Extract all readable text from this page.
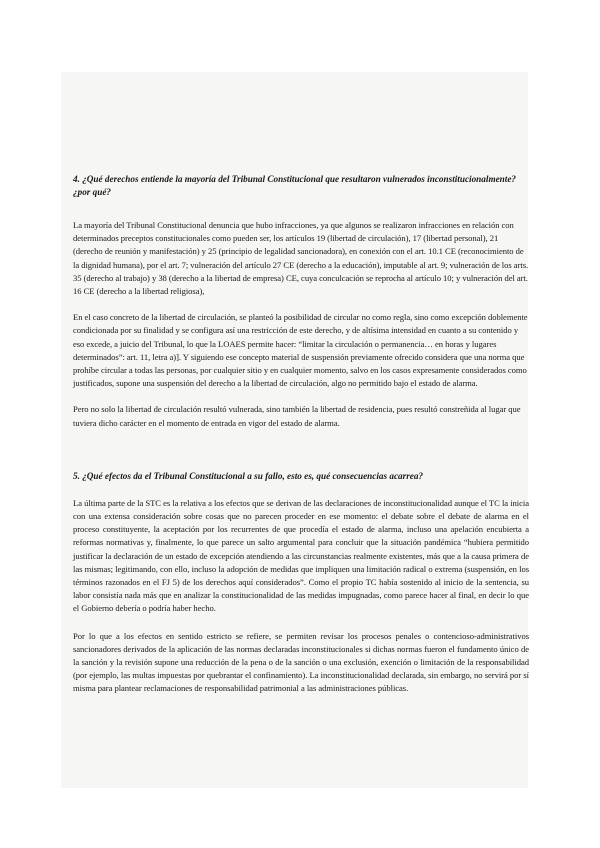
4. ¿Qué derechos entiende la mayoría del Tribunal Constitucional que resultaron vulnerados inconstitucionalmente? ¿por qué?

La mayoría del Tribunal Constitucional denuncia que hubo infracciones, ya que algunos se realizaron infracciones en relación con determinados preceptos constitucionales como pueden ser, los artículos 19 (libertad de circulación), 17 (libertad personal), 21 (derecho de reunión y manifestación) y 25 (principio de legalidad sancionadora), en conexión con el art. 10.1 CE (reconocimiento de la dignidad humana), por el art. 7; vulneración del artículo 27 CE (derecho a la educación), imputable al art. 9; vulneración de los arts. 35 (derecho al trabajo) y 38 (derecho a la libertad de empresa) CE, cuya conculcación se reprocha al artículo 10; y vulneración del art. 16 CE (derecho a la libertad religiosa),

En el caso concreto de la libertad de circulación, se planteó la posibilidad de circular no como regla, sino como excepción doblemente condicionada por su finalidad y se configura así una restricción de este derecho, y de altísima intensidad en cuanto a su contenido y eso excede, a juicio del Tribunal, lo que la LOAES permite hacer: “limitar la circulación o permanencia… en horas y lugares determinados”: art. 11, letra a)]. Y siguiendo ese concepto material de suspensión previamente ofrecido considera que una norma que prohíbe circular a todas las personas, por cualquier sitio y en cualquier momento, salvo en los casos expresamente considerados como justificados, supone una suspensión del derecho a la libertad de circulación, algo no permitido bajo el estado de alarma.

Pero no solo la libertad de circulación resultó vulnerada, sino también la libertad de residencia, pues resultó constreñida al lugar que tuviera dicho carácter en el momento de entrada en vigor del estado de alarma.

5. ¿Qué efectos da el Tribunal Constitucional a su fallo, esto es, qué consecuencias acarrea?

La última parte de la STC es la relativa a los efectos que se derivan de las declaraciones de inconstitucionalidad aunque el TC la inicia con una extensa consideración sobre cosas que no parecen proceder en ese momento: el debate sobre el debate de alarma en el proceso constituyente, la aceptación por los recurrentes de que procedía el estado de alarma, incluso una apelación encubierta a reformas normativas y, finalmente, lo que parece un salto argumental para concluir que la situación pandémica “hubiera permitido justificar la declaración de un estado de excepción atendiendo a las circunstancias realmente existentes, más que a la causa primera de las mismas; legitimando, con ello, incluso la adopción de medidas que impliquen una limitación radical o extrema (suspensión, en los términos razonados en el FJ 5) de los derechos aquí considerados”. Como el propio TC había sostenido al inicio de la sentencia, su labor consistía nada más que en analizar la constitucionalidad de las medidas impugnadas, como parece hacer al final, en decir lo que el Gobierno debería o podría haber hecho.

Por lo que a los efectos en sentido estricto se refiere, se permiten revisar los procesos penales o contencioso-administrativos sancionadores derivados de la aplicación de las normas declaradas inconstitucionales si dichas normas fueron el fundamento único de la sanción y la revisión supone una reducción de la pena o de la sanción o una exclusión, exención o limitación de la responsabilidad (por ejemplo, las multas impuestas por quebrantar el confinamiento). La inconstitucionalidad declarada, sin embargo, no servirá por sí misma para plantear reclamaciones de responsabilidad patrimonial a las administraciones públicas.
